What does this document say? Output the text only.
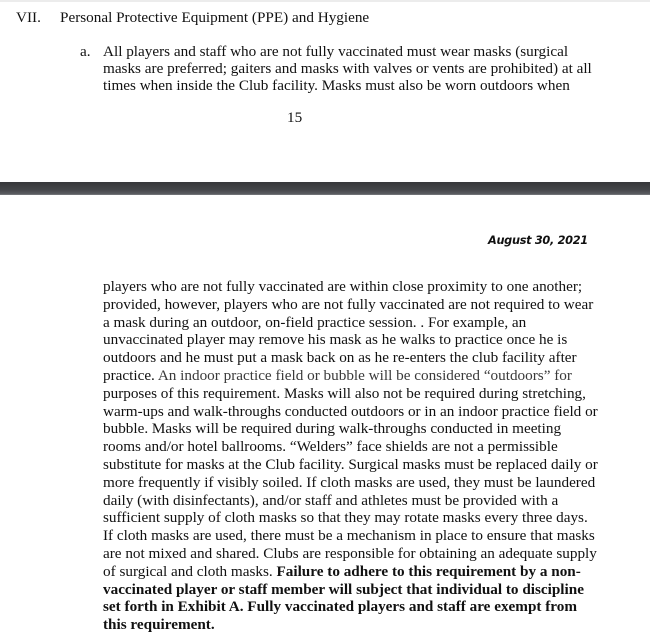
VII. Personal Protective Equipment (PPE) and Hygiene
a. All players and staff who are not fully vaccinated must wear masks (surgical
masks are preferred; gaiters and masks with valves or vents are prohibited) at all
times when inside the Club facility. Masks must also be worn outdoors when
15
August 30, 2021
players who are not fully vaccinated are within close proximity to one another;
provided, however, players who are not fully vaccinated are not required to wear
a mask during an outdoor, on-field practice session. . For example, an
unvaccinated player may remove his mask as he walks to practice once he is
outdoors and he must put a mask back on as he re-enters the club facility after
practice. An indoor practice field or bubble will be considered “outdoors” for
purposes of this requirement. Masks will also not be required during stretching,
warm-ups and walk-throughs conducted outdoors or in an indoor practice field or
bubble. Masks will be required during walk-throughs conducted in meeting
rooms and/or hotel ballrooms. “Welders” face shields are not a permissible
substitute for masks at the Club facility. Surgical masks must be replaced daily or
more frequently if visibly soiled. If cloth masks are used, they must be laundered
daily (with disinfectants), and/or staff and athletes must be provided with a
sufficient supply of cloth masks so that they may rotate masks every three days.
If cloth masks are used, there must be a mechanism in place to ensure that masks
are not mixed and shared. Clubs are responsible for obtaining an adequate supply
of surgical and cloth masks. Failure to adhere to this requirement by a non-
vaccinated player or staff member will subject that individual to discipline
set forth in Exhibit A. Fully vaccinated players and staff are exempt from
this requirement.
